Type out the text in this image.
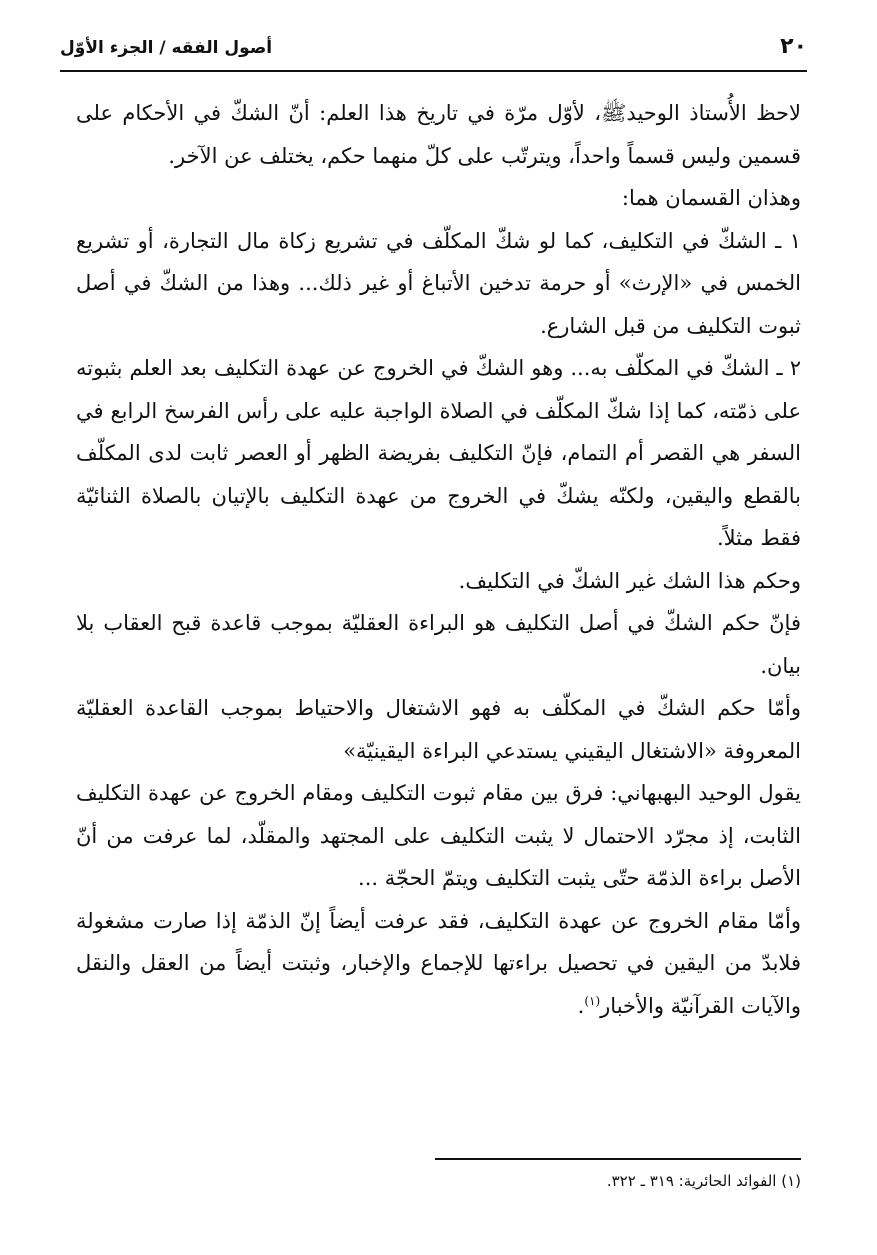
٢٠
أصول الفقه / الجزء الأوّل

لاحظ الأُستاذ الوحيدﷺ، لأوّل مرّة في تاريخ هذا العلم: أنّ الشكّ في الأحكام على قسمين وليس قسماً واحداً، ويترتّب على كلّ منهما حكم، يختلف عن الآخر.

وهذان القسمان هما:

١ ـ الشكّ في التكليف، كما لو شكّ المكلّف في تشريع زكاة مال التجارة، أو تشريع الخمس في «الإرث» أو حرمة تدخين الأتباغ أو غير ذلك... وهذا من الشكّ في أصل ثبوت التكليف من قبل الشارع.

٢ ـ الشكّ في المكلّف به... وهو الشكّ في الخروج عن عهدة التكليف بعد العلم بثبوته على ذمّته، كما إذا شكّ المكلّف في الصلاة الواجبة عليه على رأس الفرسخ الرابع في السفر هي القصر أم التمام، فإنّ التكليف بفريضة الظهر أو العصر ثابت لدى المكلّف بالقطع واليقين، ولكنّه يشكّ في الخروج من عهدة التكليف بالإتيان بالصلاة الثنائيّة فقط مثلاً.

وحكم هذا الشك غير الشكّ في التكليف.

فإنّ حكم الشكّ في أصل التكليف هو البراءة العقليّة بموجب قاعدة قبح العقاب بلا بيان.

وأمّا حكم الشكّ في المكلّف به فهو الاشتغال والاحتياط بموجب القاعدة العقليّة المعروفة «الاشتغال اليقيني يستدعي البراءة اليقينيّة»

يقول الوحيد البهبهاني: فرق بين مقام ثبوت التكليف ومقام الخروج عن عهدة التكليف الثابت، إذ مجرّد الاحتمال لا يثبت التكليف على المجتهد والمقلّد، لما عرفت من أنّ الأصل براءة الذمّة حتّى يثبت التكليف ويتمّ الحجّة ...

وأمّا مقام الخروج عن عهدة التكليف، فقد عرفت أيضاً إنّ الذمّة إذا صارت مشغولة فلابدّ من اليقين في تحصيل براءتها للإجماع والإخبار، وثبتت أيضاً من العقل والنقل والآيات القرآنيّة والأخبار$^{(١)}$.

(١) الفوائد الحائرية: ٣١٩ ـ ٣٢٢.
